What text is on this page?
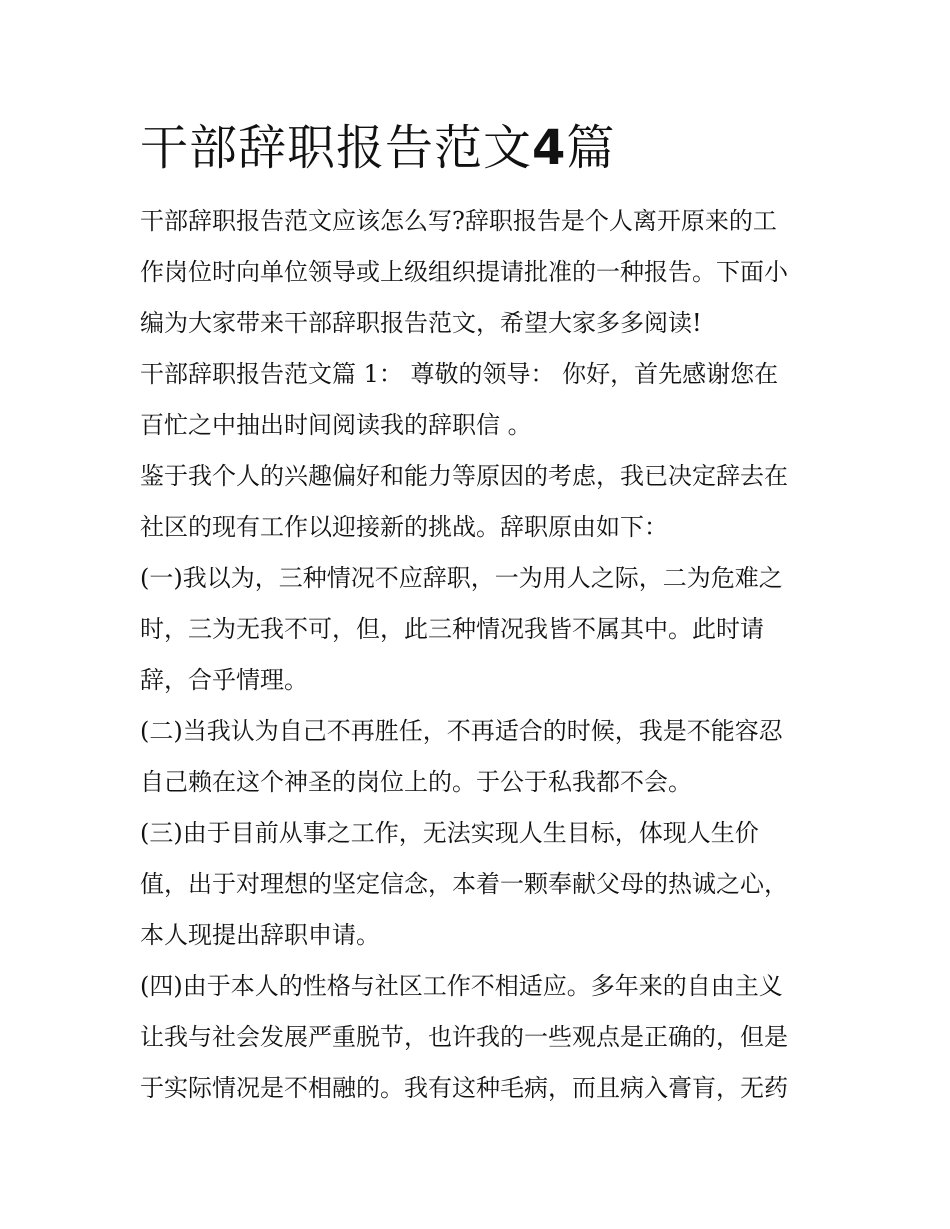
干部辞职报告范文4篇

干部辞职报告范文应该怎么写?辞职报告是个人离开原来的工

作岗位时向单位领导或上级组织提请批准的一种报告。下面小

编为大家带来干部辞职报告范文，希望大家多多阅读!

干部辞职报告范文篇 1： 尊敬的领导： 你好，首先感谢您在

百忙之中抽出时间阅读我的辞职信 。

鉴于我个人的兴趣偏好和能力等原因的考虑，我已决定辞去在

社区的现有工作以迎接新的挑战。辞职原由如下：

(一)我以为，三种情况不应辞职，一为用人之际，二为危难之

时，三为无我不可，但，此三种情况我皆不属其中。此时请

辞，合乎情理。

(二)当我认为自己不再胜任，不再适合的时候，我是不能容忍

自己赖在这个神圣的岗位上的。于公于私我都不会。

(三)由于目前从事之工作，无法实现人生目标，体现人生价

值，出于对理想的坚定信念，本着一颗奉献父母的热诚之心，

本人现提出辞职申请。

(四)由于本人的性格与社区工作不相适应。多年来的自由主义

让我与社会发展严重脱节，也许我的一些观点是正确的，但是

于实际情况是不相融的。我有这种毛病，而且病入膏肓，无药
